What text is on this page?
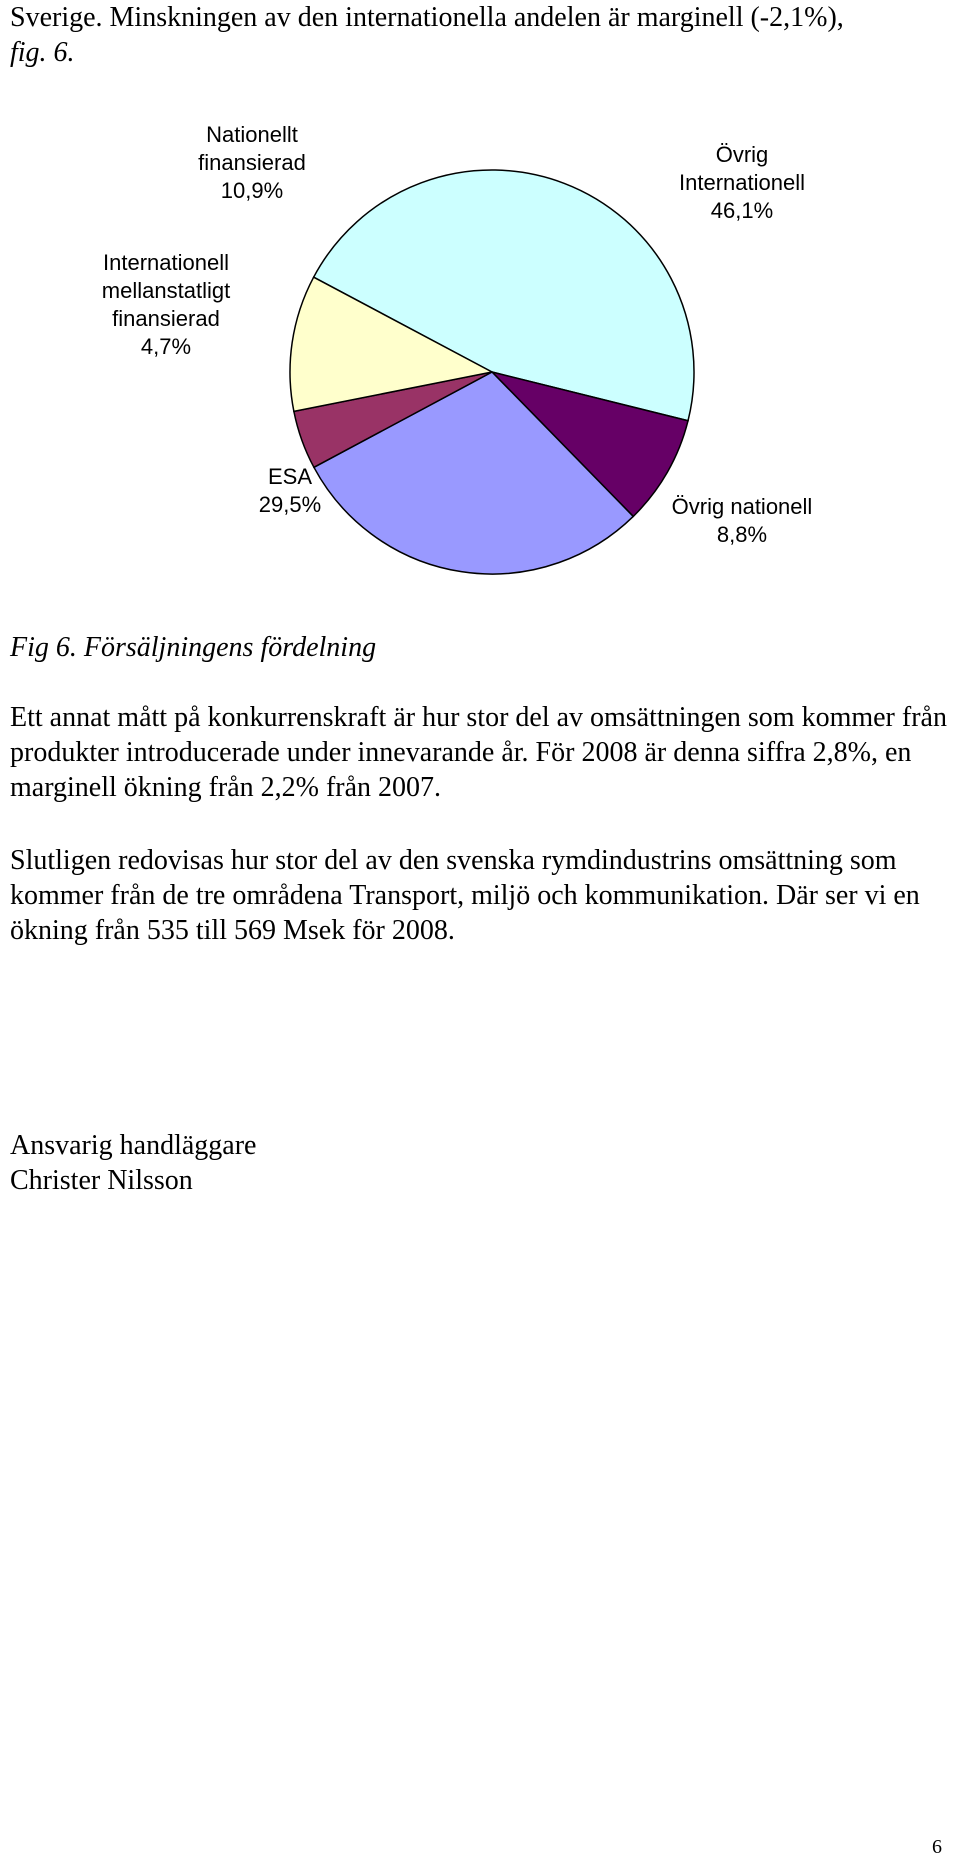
Sverige. Minskningen av den internationella andelen är marginell (-2,1%),
fig. 6.

Övrig Internationell 46,1%
Övrig nationell 8,8%
ESA 29,5%
Internationell mellanstatligt finansierad 4,7%
Nationellt finansierad 10,9%

Fig 6. Försäljningens fördelning

Ett annat mått på konkurrenskraft är hur stor del av omsättningen som kommer från produkter introducerade under innevarande år. För 2008 är denna siffra 2,8%, en marginell ökning från 2,2% från 2007.

Slutligen redovisas hur stor del av den svenska rymdindustrins omsättning som kommer från de tre områdena Transport, miljö och kommunikation. Där ser vi en ökning från 535 till 569 Msek för 2008.

Ansvarig handläggare
Christer Nilsson

6
